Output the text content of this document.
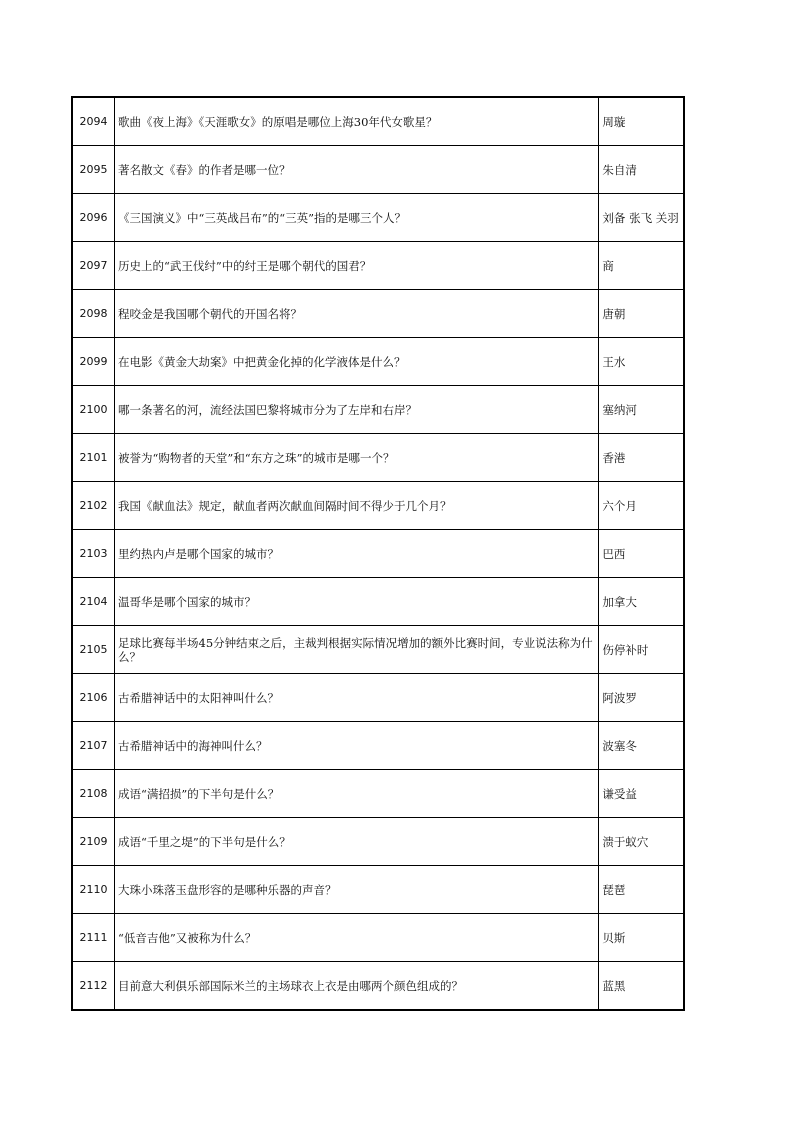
2094	歌曲《夜上海》《天涯歌女》的原唱是哪位上海30年代女歌星？	周璇
2095	著名散文《春》的作者是哪一位？	朱自清
2096	《三国演义》中“三英战吕布”的“三英”指的是哪三个人？	刘备 张飞 关羽
2097	历史上的“武王伐纣”中的纣王是哪个朝代的国君？	商
2098	程咬金是我国哪个朝代的开国名将？	唐朝
2099	在电影《黄金大劫案》中把黄金化掉的化学液体是什么？	王水
2100	哪一条著名的河，流经法国巴黎将城市分为了左岸和右岸？	塞纳河
2101	被誉为“购物者的天堂”和“东方之珠”的城市是哪一个？	香港
2102	我国《献血法》规定，献血者两次献血间隔时间不得少于几个月？	六个月
2103	里约热内卢是哪个国家的城市？	巴西
2104	温哥华是哪个国家的城市？	加拿大
2105	足球比赛每半场45分钟结束之后，主裁判根据实际情况增加的额外比赛时间，专业说法称为什么？	伤停补时
2106	古希腊神话中的太阳神叫什么？	阿波罗
2107	古希腊神话中的海神叫什么？	波塞冬
2108	成语“满招损”的下半句是什么？	谦受益
2109	成语“千里之堤”的下半句是什么？	溃于蚁穴
2110	大珠小珠落玉盘形容的是哪种乐器的声音？	琵琶
2111	“低音吉他”又被称为什么？	贝斯
2112	目前意大利俱乐部国际米兰的主场球衣上衣是由哪两个颜色组成的？	蓝黑
